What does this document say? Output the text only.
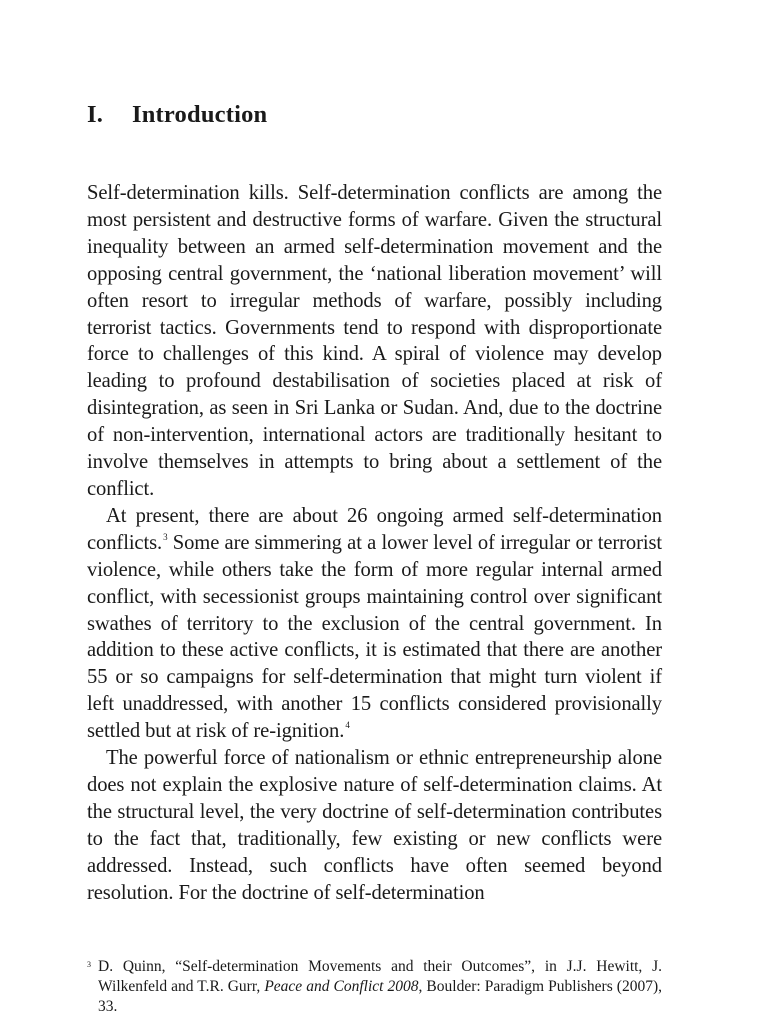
I. Introduction

Self-determination kills. Self-determination conflicts are among the most persistent and destructive forms of warfare. Given the structural inequality between an armed self-determination movement and the opposing central government, the ‘national liberation movement’ will often resort to irregular methods of warfare, possibly including terrorist tactics. Governments tend to respond with disproportionate force to challenges of this kind. A spiral of violence may develop leading to profound destabilisation of societies placed at risk of disintegration, as seen in Sri Lanka or Sudan. And, due to the doctrine of non-intervention, international actors are traditionally hesitant to involve themselves in attempts to bring about a settlement of the conflict.

At present, there are about 26 ongoing armed self-determination conflicts.$^3$ Some are simmering at a lower level of irregular or terrorist violence, while others take the form of more regular internal armed conflict, with secessionist groups maintaining control over significant swathes of territory to the exclusion of the central government. In addition to these active conflicts, it is estimated that there are another 55 or so campaigns for self-determination that might turn violent if left unaddressed, with another 15 conflicts considered provisionally settled but at risk of re-ignition.$^4$

The powerful force of nationalism or ethnic entrepreneurship alone does not explain the explosive nature of self-determination claims. At the structural level, the very doctrine of self-determination contributes to the fact that, traditionally, few existing or new conflicts were addressed. Instead, such conflicts have often seemed beyond resolution. For the doctrine of self-determination

3 D. Quinn, “Self-determination Movements and their Outcomes”, in J.J. Hewitt, J. Wilkenfeld and T.R. Gurr, Peace and Conflict 2008, Boulder: Paradigm Publishers (2007), 33.
